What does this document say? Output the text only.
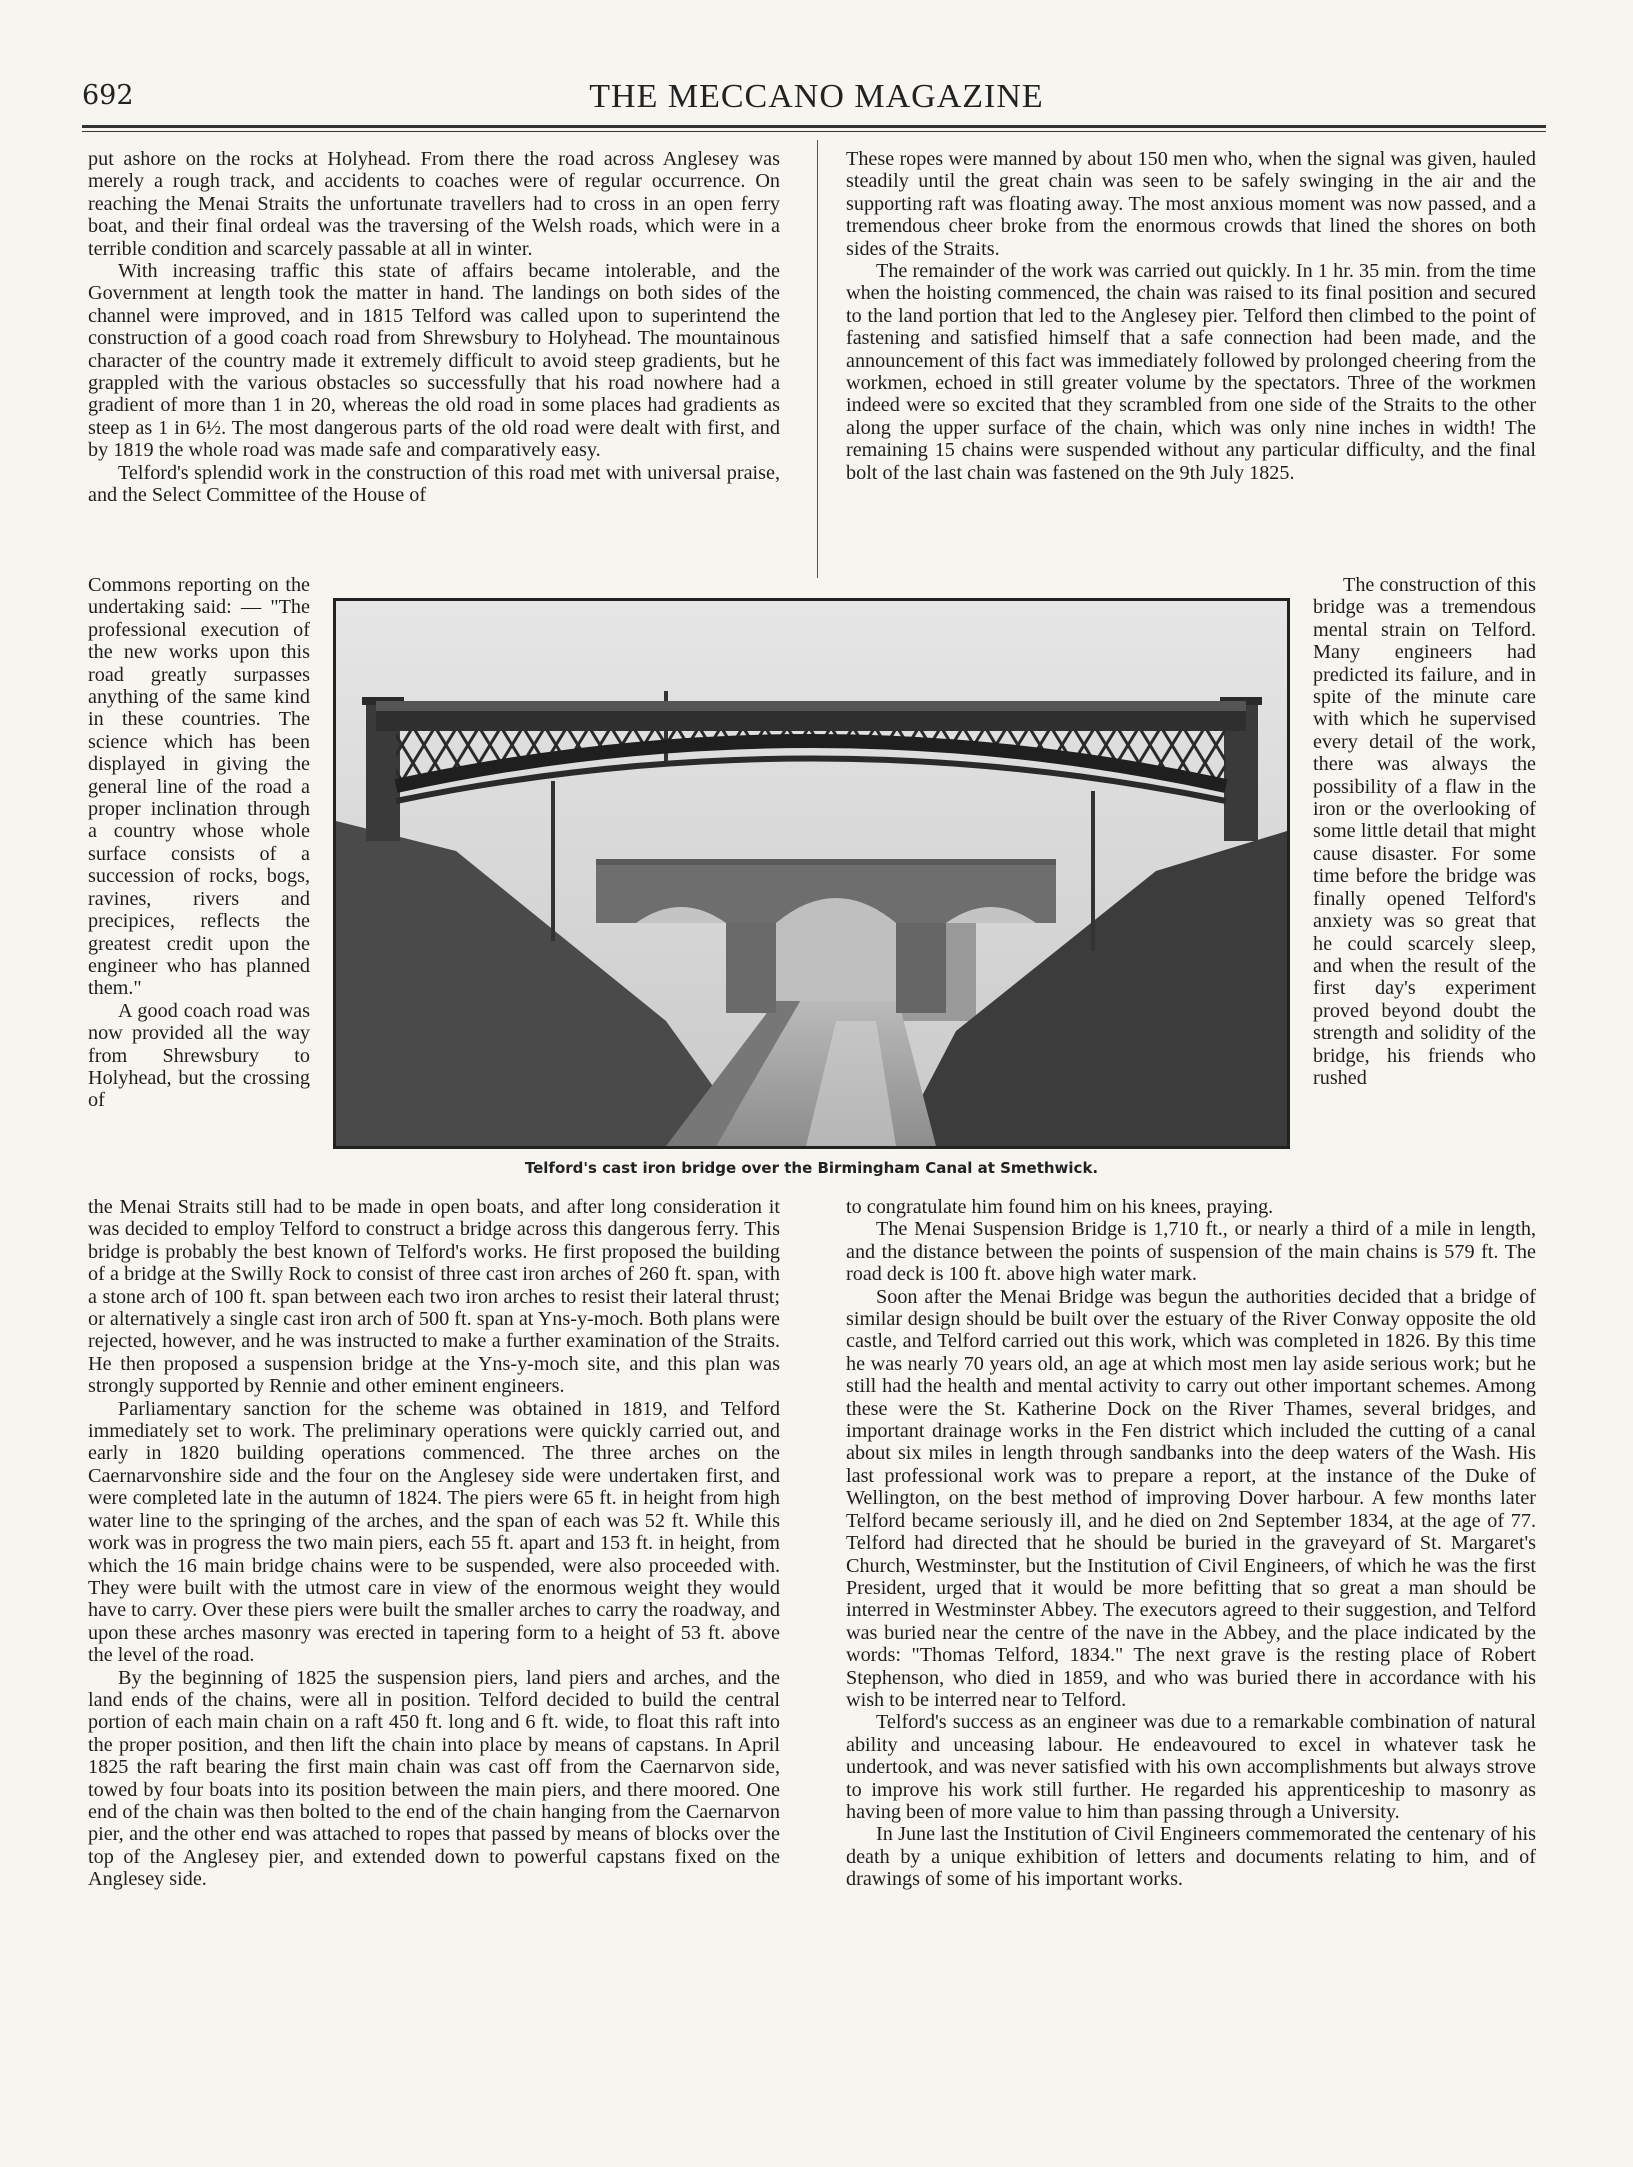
692	THE MECCANO MAGAZINE

put ashore on the rocks at Holyhead. From there the road across Anglesey was merely a rough track, and accidents to coaches were of regular occurrence. On reaching the Menai Straits the unfortunate travellers had to cross in an open ferry boat, and their final ordeal was the traversing of the Welsh roads, which were in a terrible condition and scarcely passable at all in winter.

With increasing traffic this state of affairs became intolerable, and the Government at length took the matter in hand. The landings on both sides of the channel were improved, and in 1815 Telford was called upon to superintend the construction of a good coach road from Shrewsbury to Holyhead. The mountainous character of the country made it extremely difficult to avoid steep gradients, but he grappled with the various obstacles so successfully that his road nowhere had a gradient of more than 1 in 20, whereas the old road in some places had gradients as steep as 1 in 6½. The most dangerous parts of the old road were dealt with first, and by 1819 the whole road was made safe and comparatively easy.

Telford's splendid work in the construction of this road met with universal praise, and the Select Committee of the House of

Commons reporting on the undertaking said: — "The professional execution of the new works upon this road greatly surpasses anything of the same kind in these countries. The science which has been displayed in giving the general line of the road a proper inclination through a country whose whole surface consists of a succession of rocks, bogs, ravines, rivers and precipices, reflects the greatest credit upon the engineer who has planned them."

A good coach road was now provided all the way from Shrewsbury to Holyhead, but the crossing of

the Menai Straits still had to be made in open boats, and after long consideration it was decided to employ Telford to construct a bridge across this dangerous ferry. This bridge is probably the best known of Telford's works. He first proposed the building of a bridge at the Swilly Rock to consist of three cast iron arches of 260 ft. span, with a stone arch of 100 ft. span between each two iron arches to resist their lateral thrust; or alternatively a single cast iron arch of 500 ft. span at Yns-y-moch. Both plans were rejected, however, and he was instructed to make a further examination of the Straits. He then proposed a suspension bridge at the Yns-y-moch site, and this plan was strongly supported by Rennie and other eminent engineers.

Parliamentary sanction for the scheme was obtained in 1819, and Telford immediately set to work. The preliminary operations were quickly carried out, and early in 1820 building operations commenced. The three arches on the Caernarvonshire side and the four on the Anglesey side were undertaken first, and were completed late in the autumn of 1824. The piers were 65 ft. in height from high water line to the springing of the arches, and the span of each was 52 ft. While this work was in progress the two main piers, each 55 ft. apart and 153 ft. in height, from which the 16 main bridge chains were to be suspended, were also proceeded with. They were built with the utmost care in view of the enormous weight they would have to carry. Over these piers were built the smaller arches to carry the roadway, and upon these arches masonry was erected in tapering form to a height of 53 ft. above the level of the road.

By the beginning of 1825 the suspension piers, land piers and arches, and the land ends of the chains, were all in position. Telford decided to build the central portion of each main chain on a raft 450 ft. long and 6 ft. wide, to float this raft into the proper position, and then lift the chain into place by means of capstans. In April 1825 the raft bearing the first main chain was cast off from the Caernarvon side, towed by four boats into its position between the main piers, and there moored. One end of the chain was then bolted to the end of the chain hanging from the Caernarvon pier, and the other end was attached to ropes that passed by means of blocks over the top of the Anglesey pier, and extended down to powerful capstans fixed on the Anglesey side.

These ropes were manned by about 150 men who, when the signal was given, hauled steadily until the great chain was seen to be safely swinging in the air and the supporting raft was floating away. The most anxious moment was now passed, and a tremendous cheer broke from the enormous crowds that lined the shores on both sides of the Straits.

The remainder of the work was carried out quickly. In 1 hr. 35 min. from the time when the hoisting commenced, the chain was raised to its final position and secured to the land portion that led to the Anglesey pier. Telford then climbed to the point of fastening and satisfied himself that a safe connection had been made, and the announcement of this fact was immediately followed by prolonged cheering from the workmen, echoed in still greater volume by the spectators. Three of the workmen indeed were so excited that they scrambled from one side of the Straits to the other along the upper surface of the chain, which was only nine inches in width! The remaining 15 chains were suspended without any particular difficulty, and the final bolt of the last chain was fastened on the 9th July 1825.

The construction of this bridge was a tremendous mental strain on Telford. Many engineers had predicted its failure, and in spite of the minute care with which he supervised every detail of the work, there was always the possibility of a flaw in the iron or the overlooking of some little detail that might cause disaster. For some time before the bridge was finally opened Telford's anxiety was so great that he could scarcely sleep, and when the result of the first day's experiment proved beyond doubt the strength and solidity of the bridge, his friends who rushed

to congratulate him found him on his knees, praying.

The Menai Suspension Bridge is 1,710 ft., or nearly a third of a mile in length, and the distance between the points of suspension of the main chains is 579 ft. The road deck is 100 ft. above high water mark.

Soon after the Menai Bridge was begun the authorities decided that a bridge of similar design should be built over the estuary of the River Conway opposite the old castle, and Telford carried out this work, which was completed in 1826. By this time he was nearly 70 years old, an age at which most men lay aside serious work; but he still had the health and mental activity to carry out other important schemes. Among these were the St. Katherine Dock on the River Thames, several bridges, and important drainage works in the Fen district which included the cutting of a canal about six miles in length through sandbanks into the deep waters of the Wash. His last professional work was to prepare a report, at the instance of the Duke of Wellington, on the best method of improving Dover harbour. A few months later Telford became seriously ill, and he died on 2nd September 1834, at the age of 77. Telford had directed that he should be buried in the graveyard of St. Margaret's Church, Westminster, but the Institution of Civil Engineers, of which he was the first President, urged that it would be more befitting that so great a man should be interred in Westminster Abbey. The executors agreed to their suggestion, and Telford was buried near the centre of the nave in the Abbey, and the place indicated by the words: "Thomas Telford, 1834." The next grave is the resting place of Robert Stephenson, who died in 1859, and who was buried there in accordance with his wish to be interred near to Telford.

Telford's success as an engineer was due to a remarkable combination of natural ability and unceasing labour. He endeavoured to excel in whatever task he undertook, and was never satisfied with his own accomplishments but always strove to improve his work still further. He regarded his apprenticeship to masonry as having been of more value to him than passing through a University.

In June last the Institution of Civil Engineers commemorated the centenary of his death by a unique exhibition of letters and documents relating to him, and of drawings of some of his important works.

Telford's cast iron bridge over the Birmingham Canal at Smethwick.
